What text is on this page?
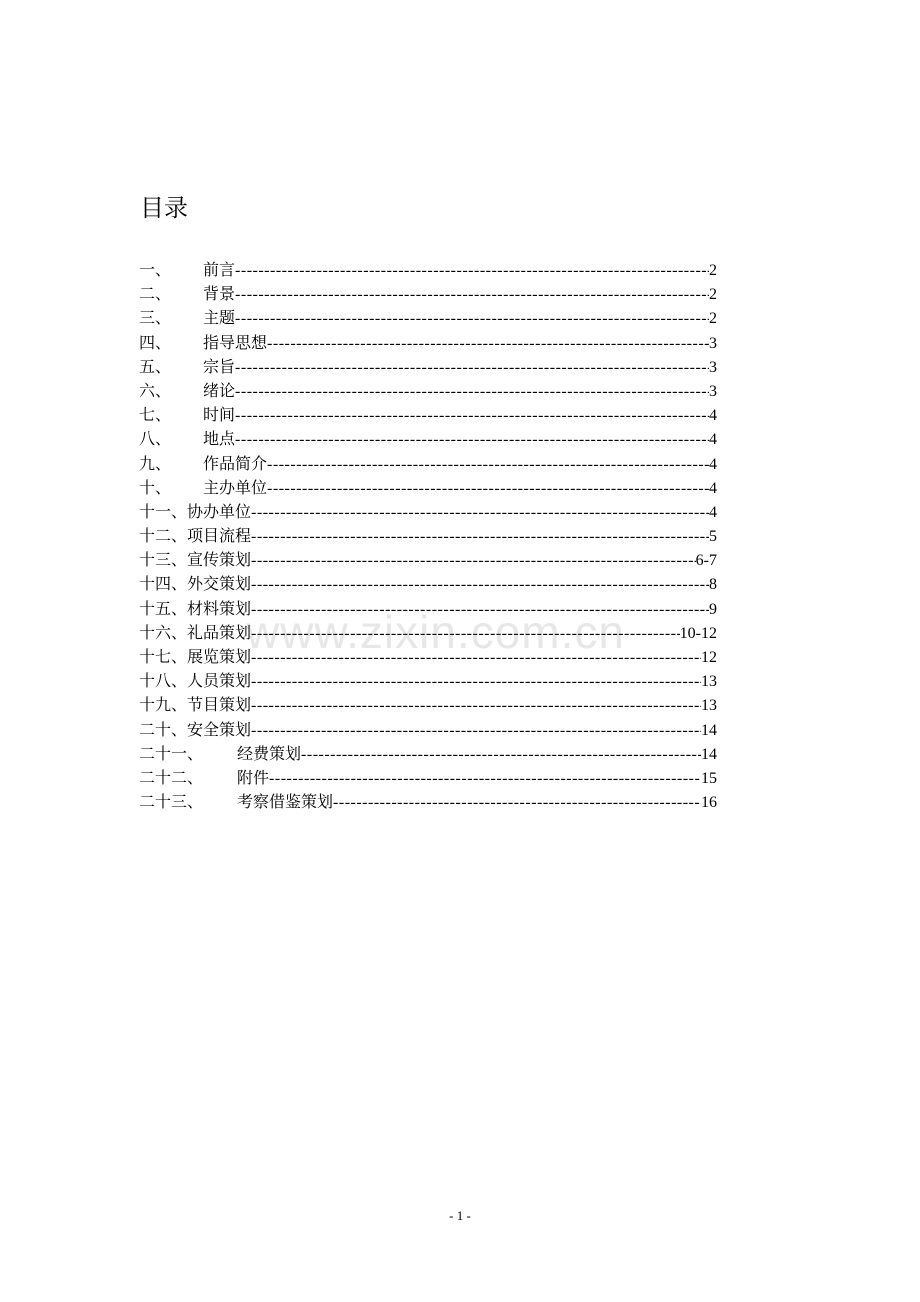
目录
一、 前言 -----	2
二、 背景 -----	2
三、 主题 -----	2
四、 指导思想 -----	3
五、 宗旨 -----	3
六、 绪论 -----	3
七、 时间 -----	4
八、 地点 -----	4
九、 作品简介 -----	4
十、 主办单位 -----	4
十一、 协办单位 -----	4
十二、 项目流程 -----	5
十三、 宣传策划 -----	6-7
十四、 外交策划 -----	8
十五、 材料策划 -----	9
十六、 礼品策划 -----	10-12
十七、 展览策划 -----	12
十八、 人员策划 -----	13
十九、 节目策划 -----	13
二十、 安全策划 -----	14
二十一、 经费策划 -----	14
二十二、 附件 -----	15
二十三、 考察借鉴策划 -----	16
www.zixin.com.cn
- 1 -
